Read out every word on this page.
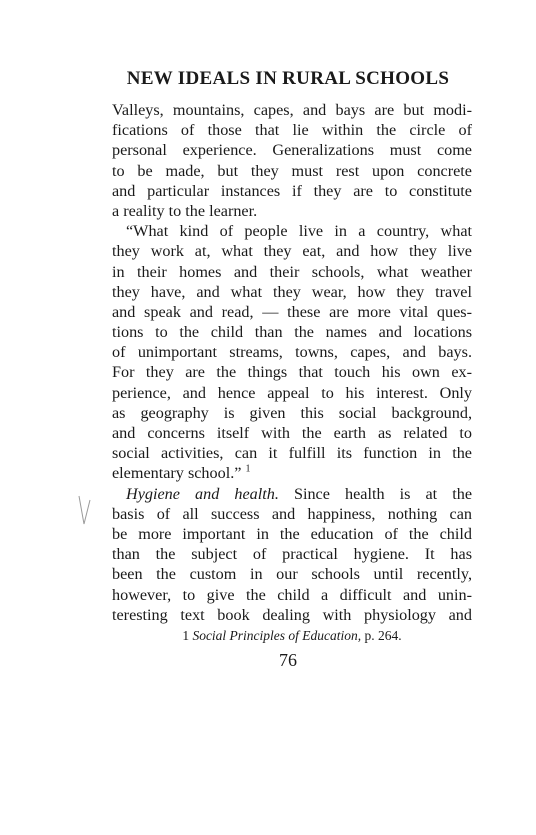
NEW IDEALS IN RURAL SCHOOLS
Valleys, mountains, capes, and bays are but modi-
fications of those that lie within the circle of
personal experience. Generalizations must come
to be made, but they must rest upon concrete
and particular instances if they are to constitute
a reality to the learner.
“What kind of people live in a country, what
they work at, what they eat, and how they live
in their homes and their schools, what weather
they have, and what they wear, how they travel
and speak and read, — these are more vital ques-
tions to the child than the names and locations
of unimportant streams, towns, capes, and bays.
For they are the things that touch his own ex-
perience, and hence appeal to his interest. Only
as geography is given this social background,
and concerns itself with the earth as related to
social activities, can it fulfill its function in the
elementary school.” $^1$
Hygiene and health. Since health is at the
basis of all success and happiness, nothing can
be more important in the education of the child
than the subject of practical hygiene. It has
been the custom in our schools until recently,
however, to give the child a difficult and unin-
teresting text book dealing with physiology and
1 Social Principles of Education, p. 264.
76
